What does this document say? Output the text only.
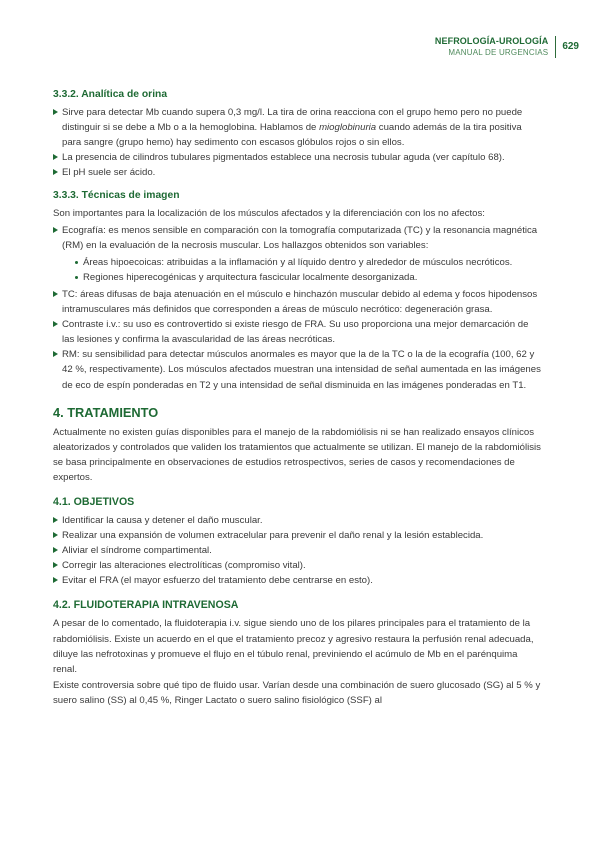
NEFROLOGÍA-UROLOGÍA
MANUAL DE URGENCIAS
629
3.3.2. Analítica de orina
Sirve para detectar Mb cuando supera 0,3 mg/l. La tira de orina reacciona con el grupo hemo pero no puede distinguir si se debe a Mb o a la hemoglobina. Hablamos de mioglobinuria cuando además de la tira positiva para sangre (grupo hemo) hay sedimento con escasos glóbulos rojos o sin ellos.
La presencia de cilindros tubulares pigmentados establece una necrosis tubular aguda (ver capítulo 68).
El pH suele ser ácido.
3.3.3. Técnicas de imagen

Son importantes para la localización de los músculos afectados y la diferenciación con los no afectos:

Ecografía: es menos sensible en comparación con la tomografía computarizada (TC) y la resonancia magnética (RM) en la evaluación de la necrosis muscular. Los hallazgos obtenidos son variables:
Áreas hipoecoicas: atribuidas a la inflamación y al líquido dentro y alrededor de músculos necróticos.
Regiones hiperecogénicas y arquitectura fascicular localmente desorganizada.
TC: áreas difusas de baja atenuación en el músculo e hinchazón muscular debido al edema y focos hipodensos intramusculares más definidos que corresponden a áreas de músculo necrótico: degeneración grasa.
Contraste i.v.: su uso es controvertido si existe riesgo de FRA. Su uso proporciona una mejor demarcación de las lesiones y confirma la avascularidad de las áreas necróticas.
RM: su sensibilidad para detectar músculos anormales es mayor que la de la TC o la de la ecografía (100, 62 y 42 %, respectivamente). Los músculos afectados muestran una intensidad de señal aumentada en las imágenes de eco de espín ponderadas en T2 y una intensidad de señal disminuida en las imágenes ponderadas en T1.
4. TRATAMIENTO

Actualmente no existen guías disponibles para el manejo de la rabdomiólisis ni se han realizado ensayos clínicos aleatorizados y controlados que validen los tratamientos que actualmente se utilizan. El manejo de la rabdomiólisis se basa principalmente en observaciones de estudios retrospectivos, series de casos y recomendaciones de expertos.

4.1. OBJETIVOS
Identificar la causa y detener el daño muscular.
Realizar una expansión de volumen extracelular para prevenir el daño renal y la lesión establecida.
Aliviar el síndrome compartimental.
Corregir las alteraciones electrolíticas (compromiso vital).
Evitar el FRA (el mayor esfuerzo del tratamiento debe centrarse en esto).
4.2. FLUIDOTERAPIA INTRAVENOSA

A pesar de lo comentado, la fluidoterapia i.v. sigue siendo uno de los pilares principales para el tratamiento de la rabdomiólisis. Existe un acuerdo en el que el tratamiento precoz y agresivo restaura la perfusión renal adecuada, diluye las nefrotoxinas y promueve el flujo en el túbulo renal, previniendo el acúmulo de Mb en el parénquima renal.

Existe controversia sobre qué tipo de fluido usar. Varían desde una combinación de suero glucosado (SG) al 5 % y suero salino (SS) al 0,45 %, Ringer Lactato o suero salino fisiológico (SSF) al
